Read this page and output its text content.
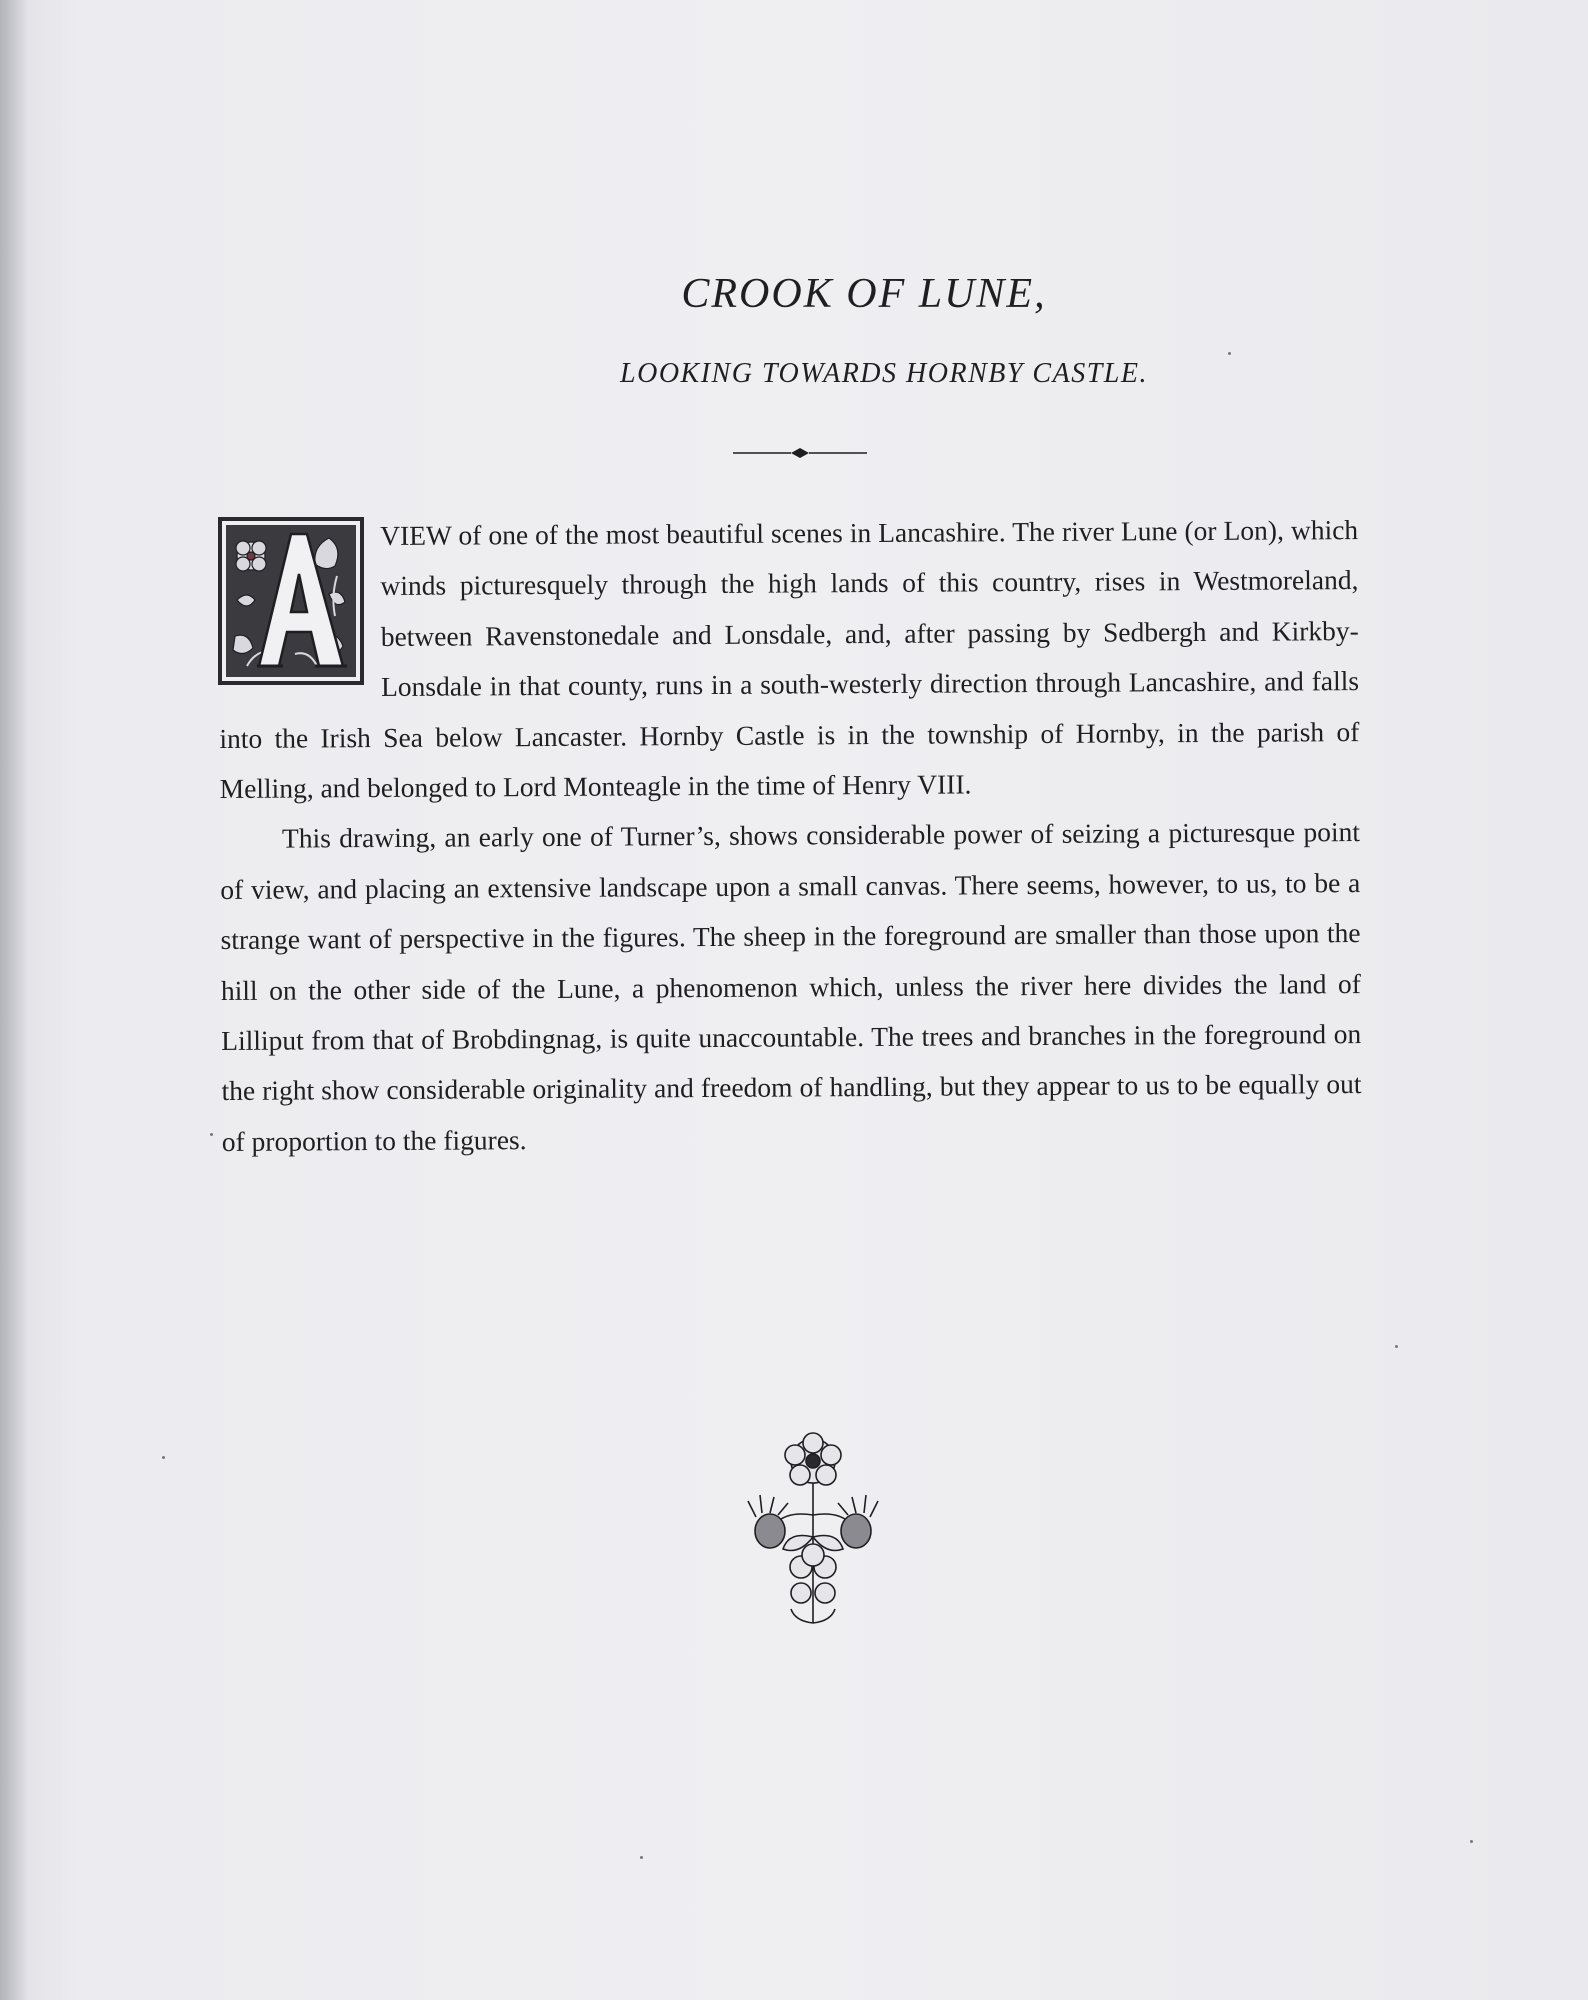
CROOK OF LUNE,
LOOKING TOWARDS HORNBY CASTLE.

VIEW of one of the most beautiful scenes in Lancashire. The river Lune (or Lon), which winds picturesquely through the high lands of this country, rises in Westmoreland, between Ravenstonedale and Lonsdale, and, after passing by Sedbergh and Kirkby-Lonsdale in that county, runs in a south-westerly direction through Lancashire, and falls into the Irish Sea below Lancaster. Hornby Castle is in the township of Hornby, in the parish of Melling, and belonged to Lord Monteagle in the time of Henry VIII.

This drawing, an early one of Turner’s, shows considerable power of seizing a picturesque point of view, and placing an extensive landscape upon a small canvas. There seems, however, to us, to be a strange want of perspective in the figures. The sheep in the foreground are smaller than those upon the hill on the other side of the Lune, a phenomenon which, unless the river here divides the land of Lilliput from that of Brobdingnag, is quite unaccountable. The trees and branches in the foreground on the right show considerable originality and freedom of handling, but they appear to us to be equally out of proportion to the figures.
